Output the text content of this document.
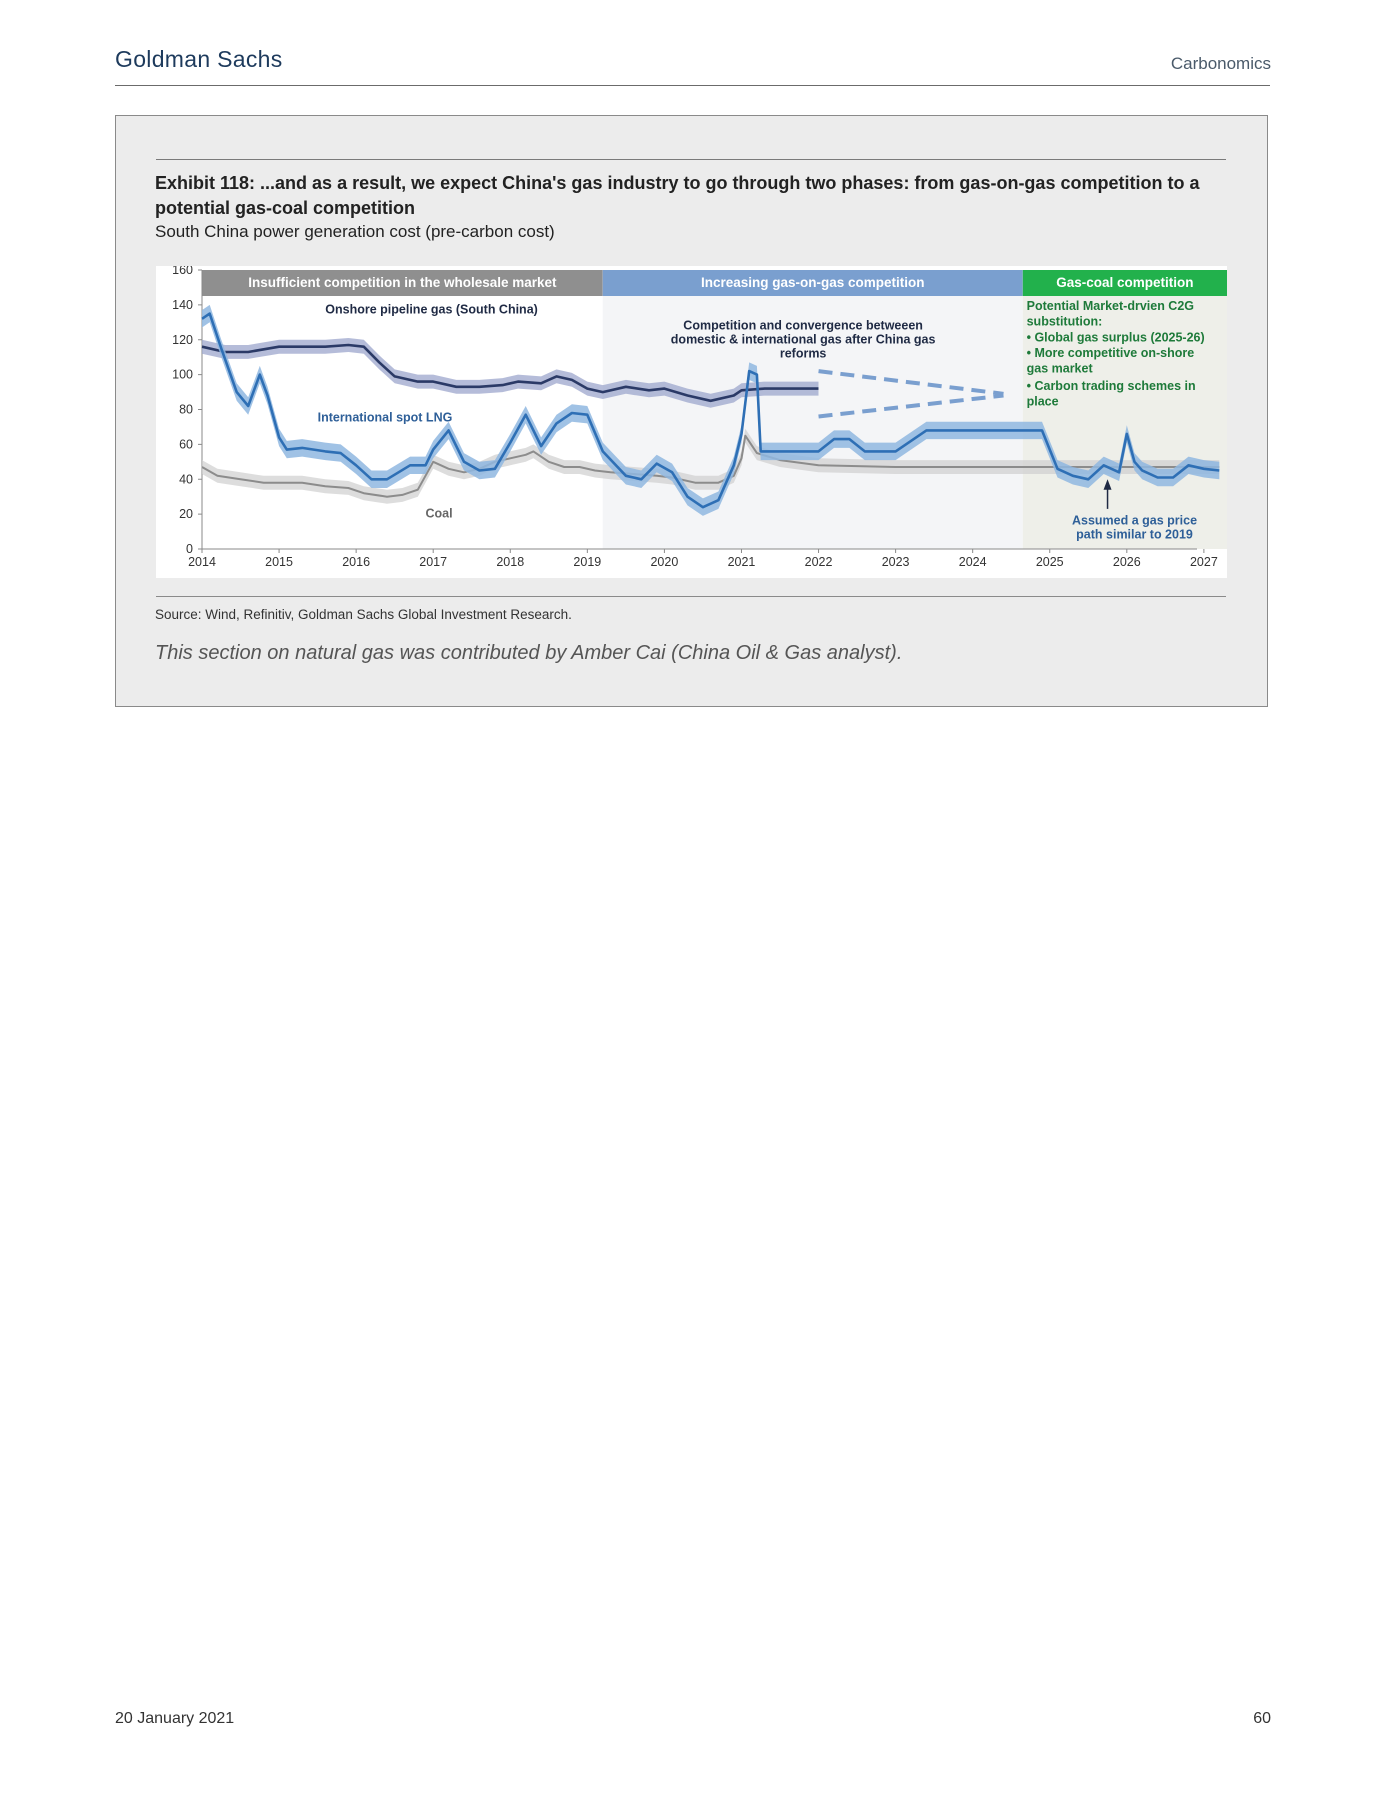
Goldman Sachs	Carbonomics
Exhibit 118: ...and as a result, we expect China's gas industry to go through two phases: from gas-on-gas competition to a potential gas-coal competition
South China power generation cost (pre-carbon cost)
Insufficient competition in the wholesale market	Increasing gas-on-gas competition	Gas-coal competition
0
20
40
60
80
100
120
140
160
2014	2015	2016	2017	2018	2019	2020	2021	2022	2023	2024	2025	2026	2027
Onshore pipeline gas (South China)
International spot LNG
Coal
Competition and convergence betweeen
domestic & international gas after China gas
reforms
Potential Market-drvien C2G
substitution:
• Global gas surplus (2025-26)
• More competitive on-shore
gas market
• Carbon trading schemes in
place
Assumed a gas price
path similar to 2019
Source: Wind, Refinitiv, Goldman Sachs Global Investment Research.
This section on natural gas was contributed by Amber Cai (China Oil & Gas analyst).
20 January 2021	60
